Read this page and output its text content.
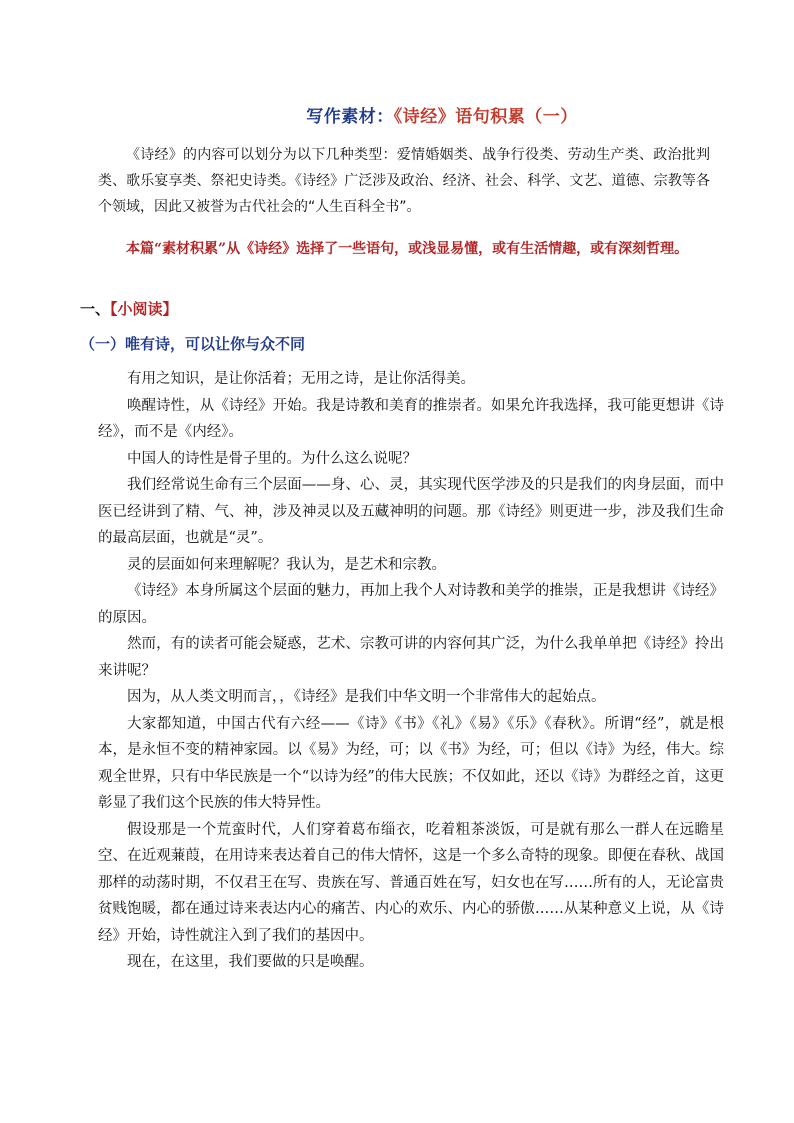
写作素材：《诗经》语句积累（一）
《诗经》的内容可以划分为以下几种类型：爱情婚姻类、战争行役类、劳动生产类、政治批判类、歌乐宴享类、祭祀史诗类。《诗经》广泛涉及政治、经济、社会、科学、文艺、道德、宗教等各个领域，因此又被誉为古代社会的“人生百科全书”。
本篇“素材积累”从《诗经》选择了一些语句，或浅显易懂，或有生活情趣，或有深刻哲理。
一、【小阅读】
（一）唯有诗，可以让你与众不同

有用之知识，是让你活着；无用之诗，是让你活得美。

唤醒诗性，从《诗经》开始。我是诗教和美育的推崇者。如果允许我选择，我可能更想讲《诗经》，而不是《内经》。

中国人的诗性是骨子里的。为什么这么说呢？

我们经常说生命有三个层面——身、心、灵，其实现代医学涉及的只是我们的肉身层面，而中医已经讲到了精、气、神，涉及神灵以及五藏神明的问题。那《诗经》则更进一步，涉及我们生命的最高层面，也就是“灵”。

灵的层面如何来理解呢？我认为，是艺术和宗教。

《诗经》本身所属这个层面的魅力，再加上我个人对诗教和美学的推崇，正是我想讲《诗经》的原因。

然而，有的读者可能会疑惑，艺术、宗教可讲的内容何其广泛，为什么我单单把《诗经》拎出来讲呢？

因为，从人类文明而言，，《诗经》是我们中华文明一个非常伟大的起始点。

大家都知道，中国古代有六经——《诗》《书》《礼》《易》《乐》《春秋》。所谓“经”，就是根本，是永恒不变的精神家园。以《易》为经，可；以《书》为经，可；但以《诗》为经，伟大。综观全世界，只有中华民族是一个“以诗为经”的伟大民族；不仅如此，还以《诗》为群经之首，这更彰显了我们这个民族的伟大特异性。

假设那是一个荒蛮时代，人们穿着葛布缁衣，吃着粗茶淡饭，可是就有那么一群人在远瞻星空、在近观蒹葭，在用诗来表达着自己的伟大情怀，这是一个多么奇特的现象。即便在春秋、战国那样的动荡时期，不仅君王在写、贵族在写、普通百姓在写，妇女也在写……所有的人，无论富贵贫贱饱暖，都在通过诗来表达内心的痛苦、内心的欢乐、内心的骄傲……从某种意义上说，从《诗经》开始，诗性就注入到了我们的基因中。

现在，在这里，我们要做的只是唤醒。
